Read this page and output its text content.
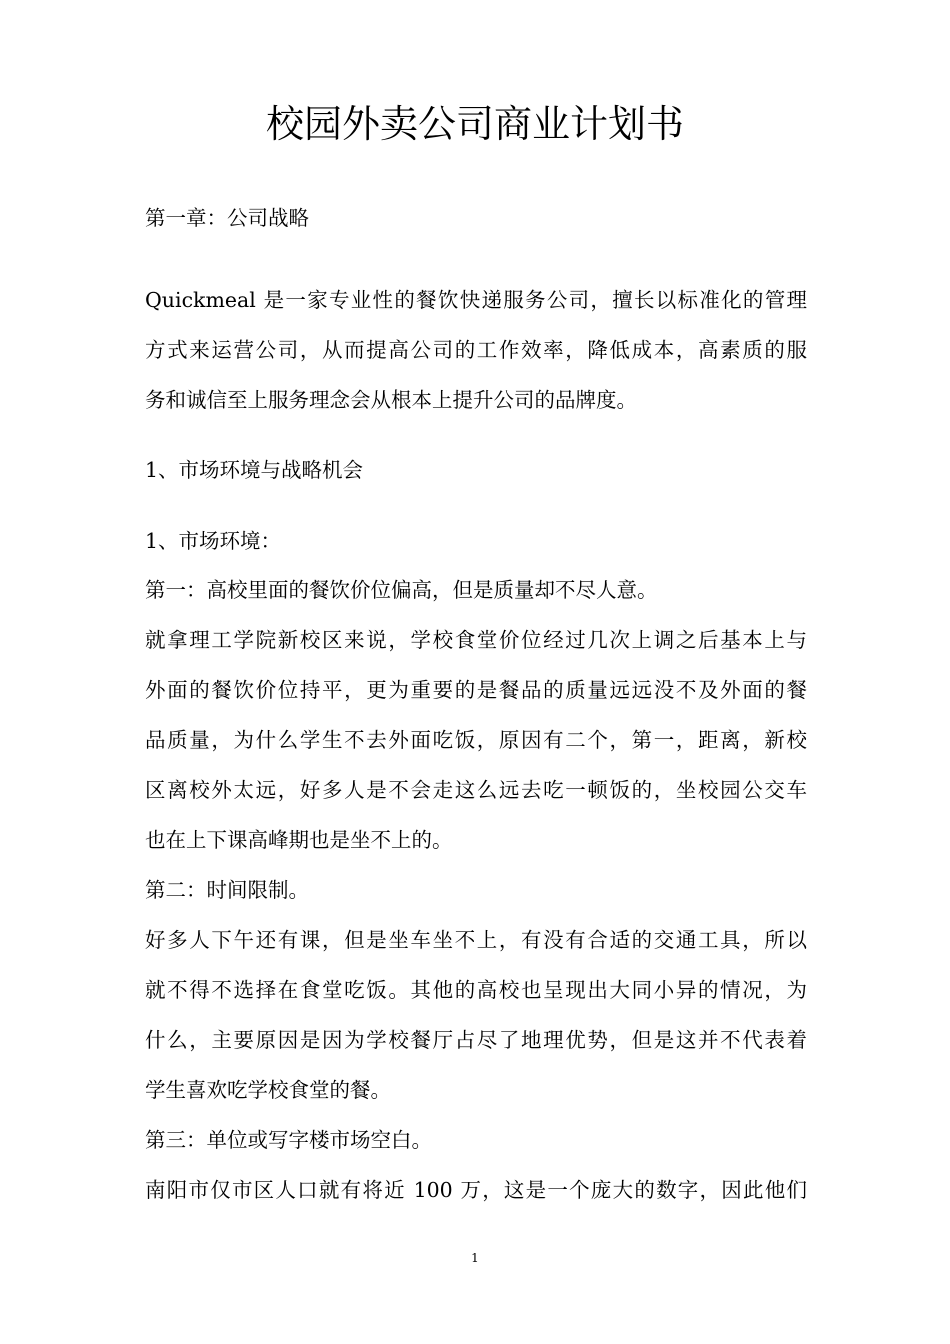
校园外卖公司商业计划书

第一章：公司战略

Quickmeal 是一家专业性的餐饮快递服务公司，擅长以标准化的管理

方式来运营公司，从而提高公司的工作效率，降低成本，高素质的服

务和诚信至上服务理念会从根本上提升公司的品牌度。

1、市场环境与战略机会

1、市场环境：

第一：高校里面的餐饮价位偏高，但是质量却不尽人意。

就拿理工学院新校区来说，学校食堂价位经过几次上调之后基本上与

外面的餐饮价位持平，更为重要的是餐品的质量远远没不及外面的餐

品质量，为什么学生不去外面吃饭，原因有二个，第一，距离，新校

区离校外太远，好多人是不会走这么远去吃一顿饭的，坐校园公交车

也在上下课高峰期也是坐不上的。

第二：时间限制。

好多人下午还有课，但是坐车坐不上，有没有合适的交通工具，所以

就不得不选择在食堂吃饭。其他的高校也呈现出大同小异的情况，为

什么，主要原因是因为学校餐厅占尽了地理优势，但是这并不代表着

学生喜欢吃学校食堂的餐。

第三：单位或写字楼市场空白。

南阳市仅市区人口就有将近 100 万，这是一个庞大的数字，因此他们

1
